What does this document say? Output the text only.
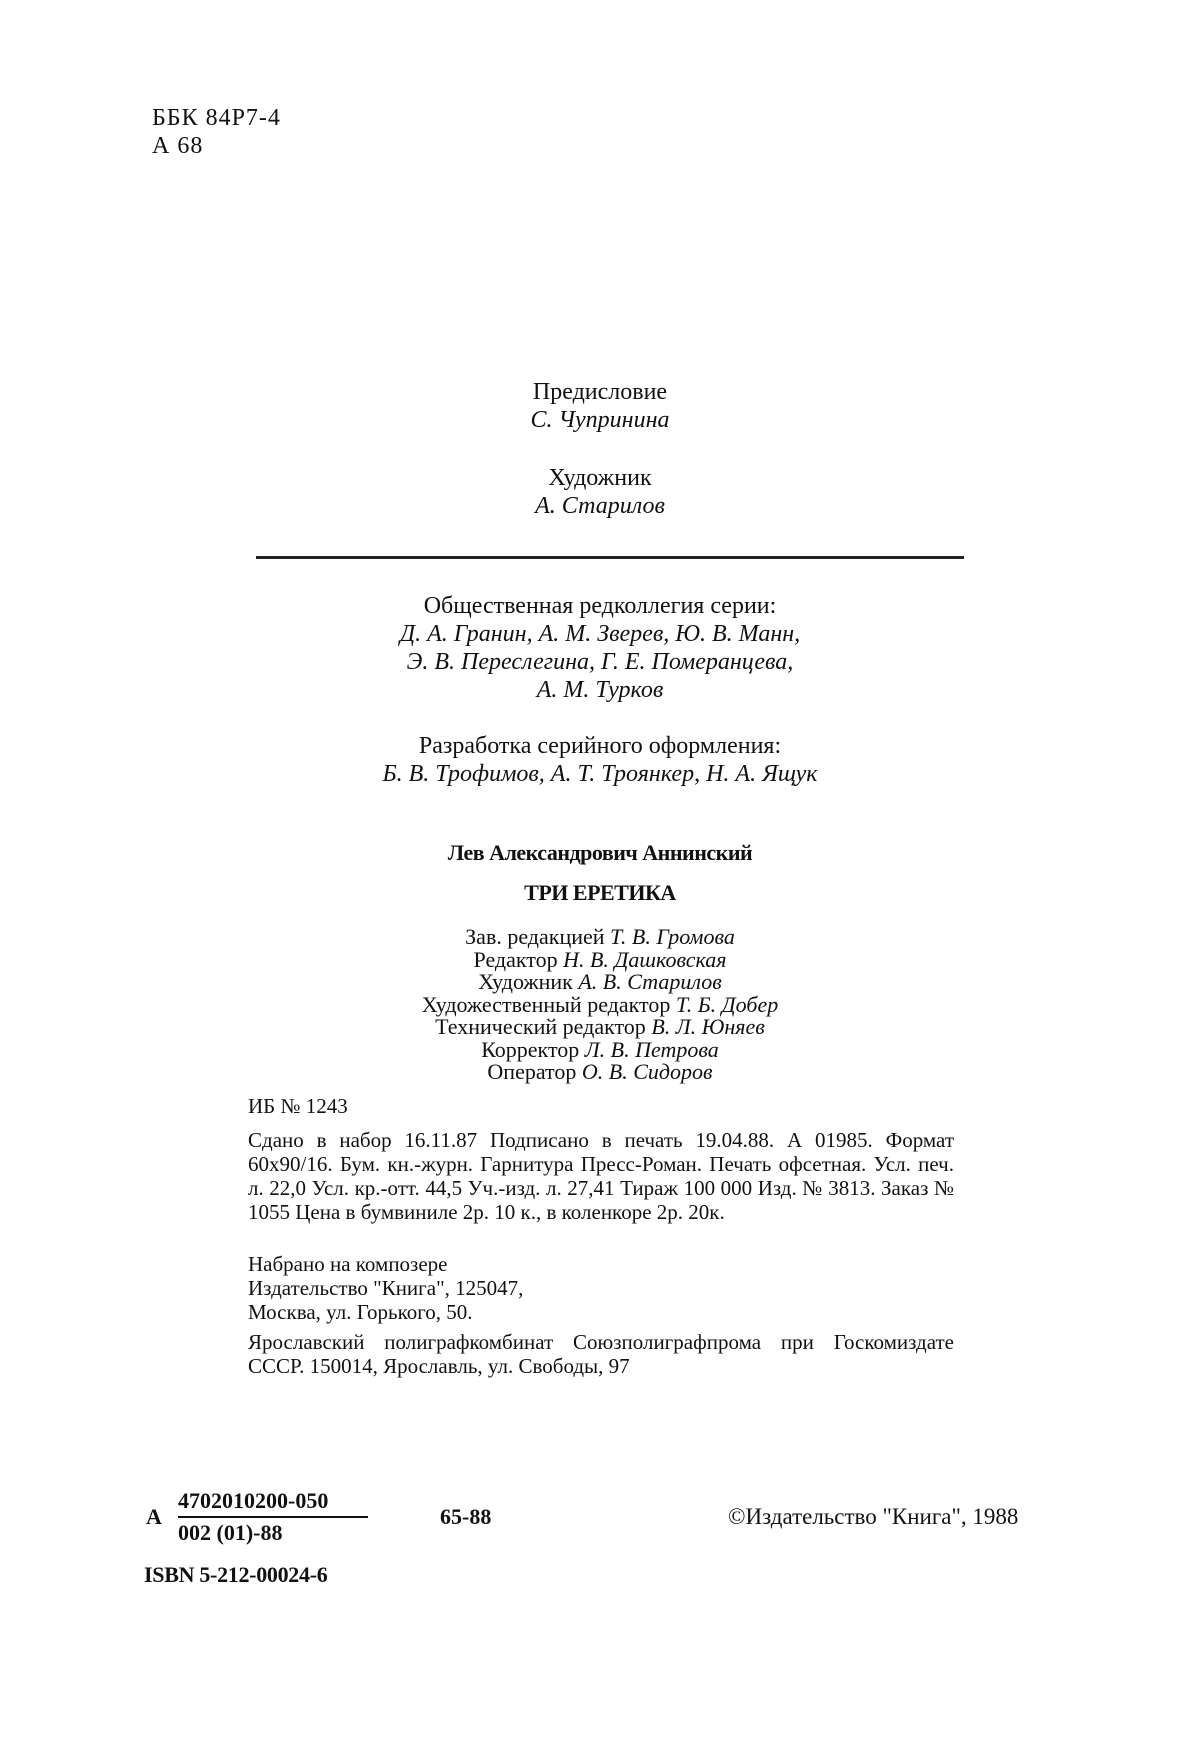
ББК 84Р7-4
А 68
Предисловие
С. Чупринина
Художник
А. Старилов
Общественная редколлегия серии:
Д. А. Гранин, А. М. Зверев, Ю. В. Манн,
Э. В. Переслегина, Г. Е. Померанцева,
А. М. Турков
Разработка серийного оформления:
Б. В. Трофимов, А. Т. Троянкер, Н. А. Ящук
Лев Александрович Аннинский
ТРИ ЕРЕТИКА
Зав. редакцией Т. В. Громова
Редактор Н. В. Дашковская
Художник А. В. Старилов
Художественный редактор Т. Б. Добер
Технический редактор В. Л. Юняев
Корректор Л. В. Петрова
Оператор О. В. Сидоров
ИБ № 1243
Сдано в набор 16.11.87 Подписано в печать 19.04.88. А 01985. Формат 60x90/16. Бум. кн.-журн. Гарнитура Пресс-Роман. Печать офсетная. Усл. печ. л. 22,0 Усл. кр.-отт. 44,5 Уч.-изд. л. 27,41 Тираж 100 000 Изд. № 3813. Заказ № 1055 Цена в бумвиниле 2р. 10 к., в коленкоре 2р. 20к.
Набрано на композере
Издательство "Книга", 125047,
Москва, ул. Горького, 50.
Ярославский полиграфкомбинат Союзполиграфпрома при Госкомиздате СССР. 150014, Ярославль, ул. Свободы, 97
А
4702010200-050
002 (01)-88
65-88	©Издательство "Книга", 1988
ISBN 5-212-00024-6
